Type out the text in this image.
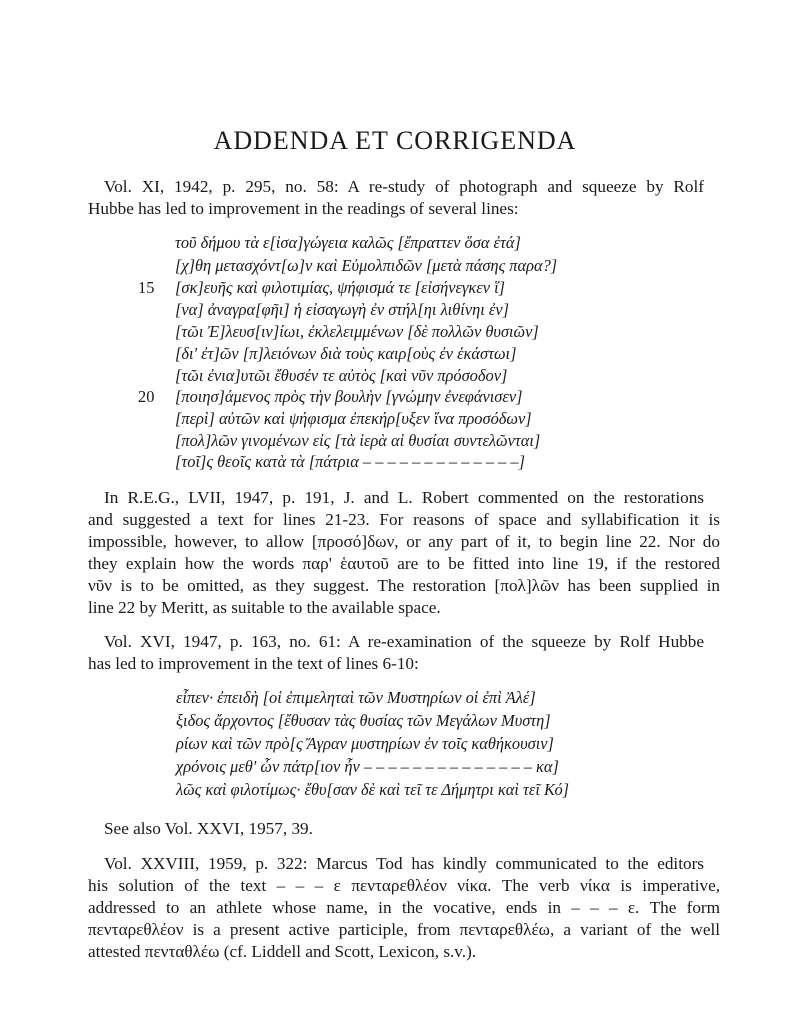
ADDENDA ET CORRIGENDA
Vol. XI, 1942, p. 295, no. 58: A re-study of photograph and squeeze by Rolf
Hubbe has led to improvement in the readings of several lines:
τοῦ δήμου τὰ ε[ἰσα]γώγεια καλῶς [ἔπραττεν ὅσα ἐτά]
[χ]θη μετασχόντ[ω]ν καὶ Εὐμολπιδῶν [μετὰ πάσης παρα?]
15 [σκ]ευῆς καὶ φιλοτιμίας, ψήφισμά τε [εἰσήνεγκεν ἵ]
[να] ἀναγρα[φῆι] ἡ εἰσαγωγὴ ἐν στήλ[ηι λιθίνηι ἐν]
[τῶι Ἐ]λευσ[ιν]ίωι, ἐκλελειμμένων [δὲ πολλῶν θυσιῶν]
[δι' ἐτ]ῶν [π]λειόνων διὰ τοὺς καιρ[οὺς ἐν ἑκάστωι]
[τῶι ἐνια]υτῶι ἔθυσέν τε αὐτὸς [καὶ νῦν πρόσοδον]
20 [ποιησ]άμενος πρὸς τὴν βουλὴν [γνώμην ἐνεφάνισεν]
[περὶ] αὐτῶν καὶ ψήφισμα ἐπεκήρ[υξεν ἵνα προσόδων]
[πολ]λῶν γινομένων εἰς [τὰ ἱερὰ αἱ θυσίαι συντελῶνται]
[τοῖ]ς θεοῖς κατὰ τὰ [πάτρια – – – – – – – – – – – – –]
In R.E.G., LVII, 1947, p. 191, J. and L. Robert commented on the restorations
and suggested a text for lines 21-23. For reasons of space and syllabification it is
impossible, however, to allow [προσό]δων, or any part of it, to begin line 22. Nor do
they explain how the words παρ' ἑαυτοῦ are to be fitted into line 19, if the restored
νῦν is to be omitted, as they suggest. The restoration [πολ]λῶν has been supplied in
line 22 by Meritt, as suitable to the available space.
Vol. XVI, 1947, p. 163, no. 61: A re-examination of the squeeze by Rolf Hubbe
has led to improvement in the text of lines 6-10:
εἶπεν· ἐπειδὴ [οἱ ἐπιμεληταὶ τῶν Μυστηρίων οἱ ἐπὶ Ἀλέ]
ξιδος ἄρχοντος [ἔθυσαν τὰς θυσίας τῶν Μεγάλων Μυστη]
ρίων καὶ τῶν πρὸ[ς Ἄγραν μυστηρίων ἐν τοῖς καθήκουσιν]
χρόνοις μεθ' ὧν πάτρ[ιον ἦν – – – – – – – – – – – – – – κα]
λῶς καὶ φιλοτίμως· ἔθυ[σαν δὲ καὶ τεῖ τε Δήμητρι καὶ τεῖ Κό]
See also Vol. XXVI, 1957, 39.
Vol. XXVIII, 1959, p. 322: Marcus Tod has kindly communicated to the editors
his solution of the text – – – ε πενταρεθλέον νίκα. The verb νίκα is imperative,
addressed to an athlete whose name, in the vocative, ends in – – – ε. The form
πενταρεθλέον is a present active participle, from πενταρεθλέω, a variant of the well
attested πενταθλέω (cf. Liddell and Scott, Lexicon, s.v.).
